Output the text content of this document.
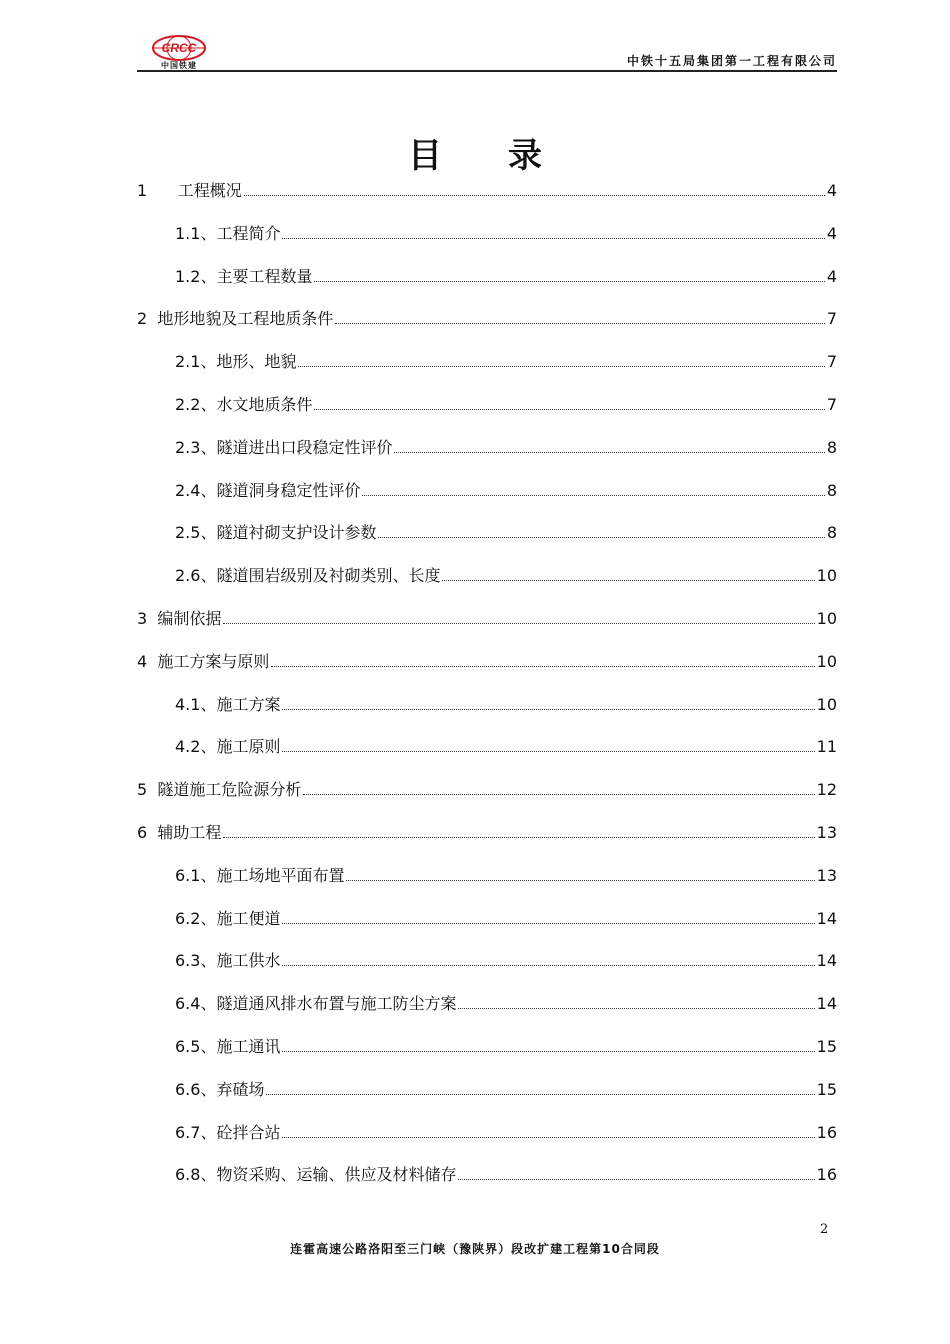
CRCC
中国铁建	中铁十五局集团第一工程有限公司
目 录
1 工程概况	4
1.1、 工程简介	4
1.2、 主要工程数量	4
2 地形地貌及工程地质条件	7
2.1、 地形、地貌	7
2.2、 水文地质条件	7
2.3、 隧道进出口段稳定性评价	8
2.4、 隧道洞身稳定性评价	8
2.5、 隧道衬砌支护设计参数	8
2.6、 隧道围岩级别及衬砌类别、长度	10
3 编制依据	10
4 施工方案与原则	10
4.1、 施工方案	10
4.2、 施工原则	11
5 隧道施工危险源分析	12
6 辅助工程	13
6.1、 施工场地平面布置	13
6.2、 施工便道	14
6.3、 施工供水	14
6.4、 隧道通风排水布置与施工防尘方案	14
6.5、 施工通讯	15
6.6、 弃碴场	15
6.7、 砼拌合站	16
6.8、 物资采购、运输、供应及材料储存	16
2
连霍高速公路洛阳至三门峡（豫陕界）段改扩建工程第10合同段
